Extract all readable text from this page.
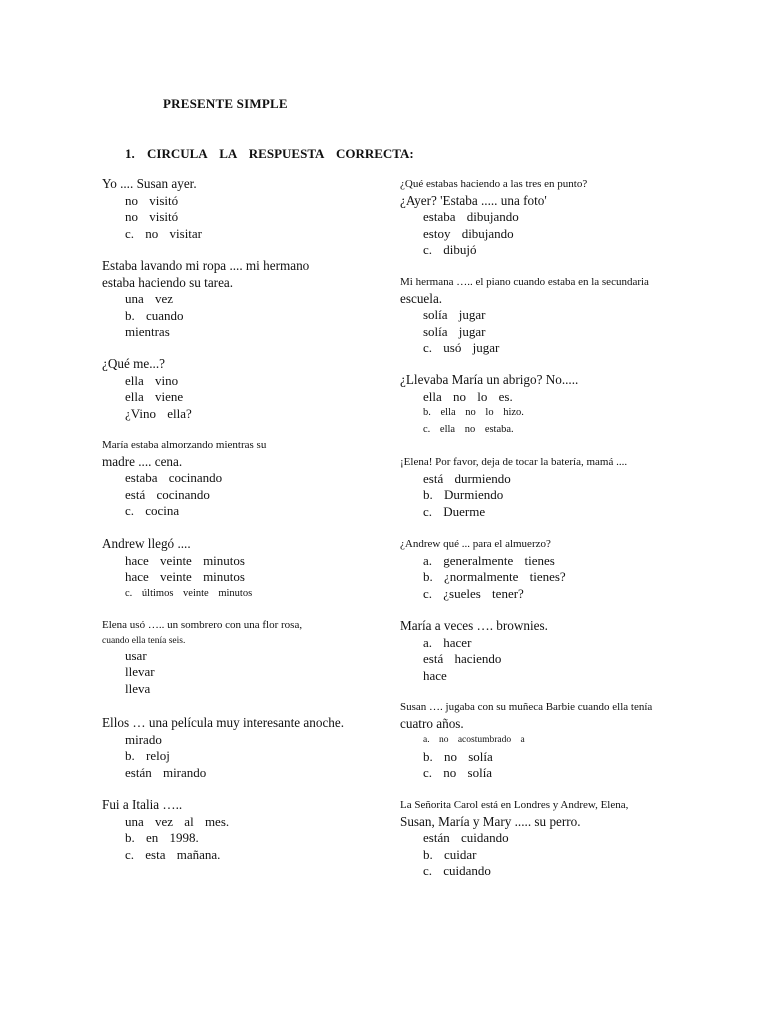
PRESENTE SIMPLE
1. CIRCULA LA RESPUESTA CORRECTA:
Yo .... Susan ayer.
no visitó
no visitó
c. no visitar
Estaba lavando mi ropa .... mi hermano
estaba haciendo su tarea.
una vez
b. cuando
mientras
¿Qué me...?
ella vino
ella viene
¿Vino ella?
María estaba almorzando mientras su
madre .... cena.
estaba cocinando
está cocinando
c. cocina
Andrew llegó ....
hace veinte minutos
hace veinte minutos
c. últimos veinte minutos
Elena usó ….. un sombrero con una flor rosa,
cuando ella tenía seis.
usar
llevar
lleva
Ellos … una película muy interesante anoche.
mirado
b. reloj
están mirando
Fui a Italia …..
una vez al mes.
b. en 1998.
c. esta mañana.
¿Qué estabas haciendo a las tres en punto?
¿Ayer? 'Estaba ..... una foto'
estaba dibujando
estoy dibujando
c. dibujó
Mi hermana ….. el piano cuando estaba en la secundaria
escuela.
solía jugar
solía jugar
c. usó jugar
¿Llevaba María un abrigo? No.....
ella no lo es.
b. ella no lo hizo.
c. ella no estaba.
¡Elena! Por favor, deja de tocar la batería, mamá ....
está durmiendo
b. Durmiendo
c. Duerme
¿Andrew qué ... para el almuerzo?
a. generalmente tienes
b. ¿normalmente tienes?
c. ¿sueles tener?
María a veces …. brownies.
a. hacer
está haciendo
hace
Susan …. jugaba con su muñeca Barbie cuando ella tenía
cuatro años.
a. no acostumbrado a
b. no solía
c. no solía
La Señorita Carol está en Londres y Andrew, Elena,
Susan, María y Mary ..... su perro.
están cuidando
b. cuidar
c. cuidando
